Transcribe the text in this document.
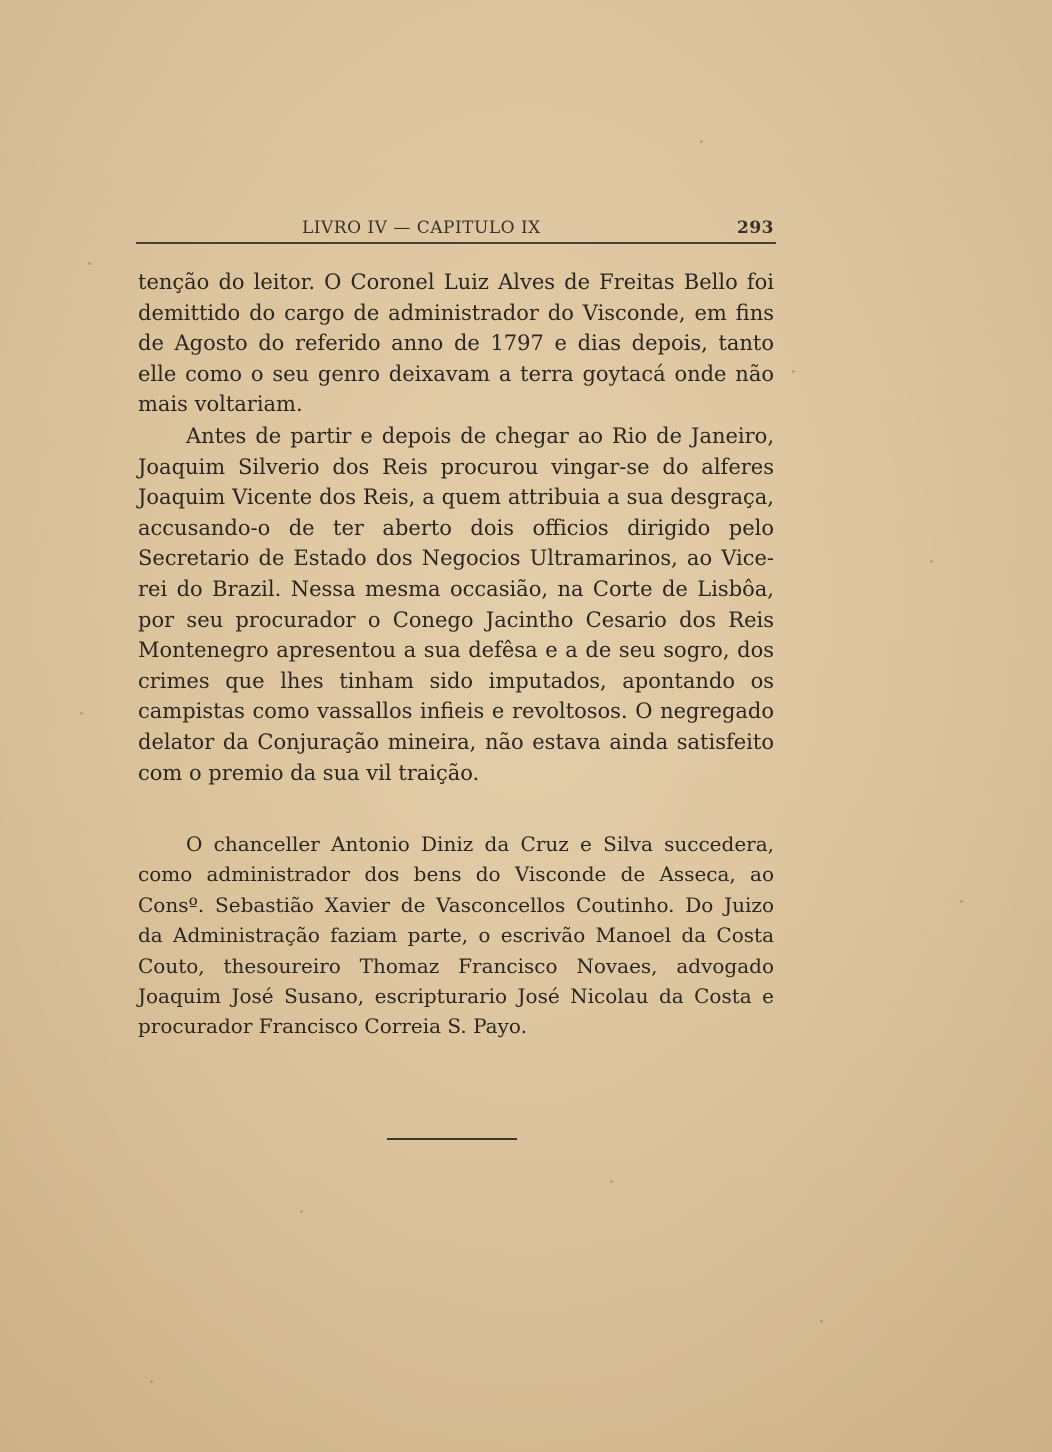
LIVRO IV — CAPITULO IX	293

tenção do leitor. O Coronel Luiz Alves de Freitas Bello foi demittido do cargo de administrador do Visconde, em fins de Agosto do referido anno de 1797 e dias depois, tanto elle como o seu genro deixavam a terra goytacá onde não mais voltariam.

Antes de partir e depois de chegar ao Rio de Janeiro, Joaquim Silverio dos Reis procurou vingar-se do alferes Joaquim Vicente dos Reis, a quem attribuia a sua desgraça, accusando-o de ter aberto dois officios dirigido pelo Secretario de Estado dos Negocios Ultramarinos, ao Vice-rei do Brazil. Nessa mesma occasião, na Corte de Lisbôa, por seu procurador o Conego Jacintho Cesario dos Reis Montenegro apresentou a sua defêsa e a de seu sogro, dos crimes que lhes tinham sido imputados, apontando os campistas como vassallos infieis e revoltosos. O negregado delator da Conjuração mineira, não estava ainda satisfeito com o premio da sua vil traição.

O chanceller Antonio Diniz da Cruz e Silva succedera, como administrador dos bens do Visconde de Asseca, ao Consº. Sebastião Xavier de Vasconcellos Coutinho. Do Juizo da Administração faziam parte, o escrivão Manoel da Costa Couto, thesoureiro Thomaz Francisco Novaes, advogado Joaquim José Susano, escripturario José Nicolau da Costa e procurador Francisco Correia S. Payo.
